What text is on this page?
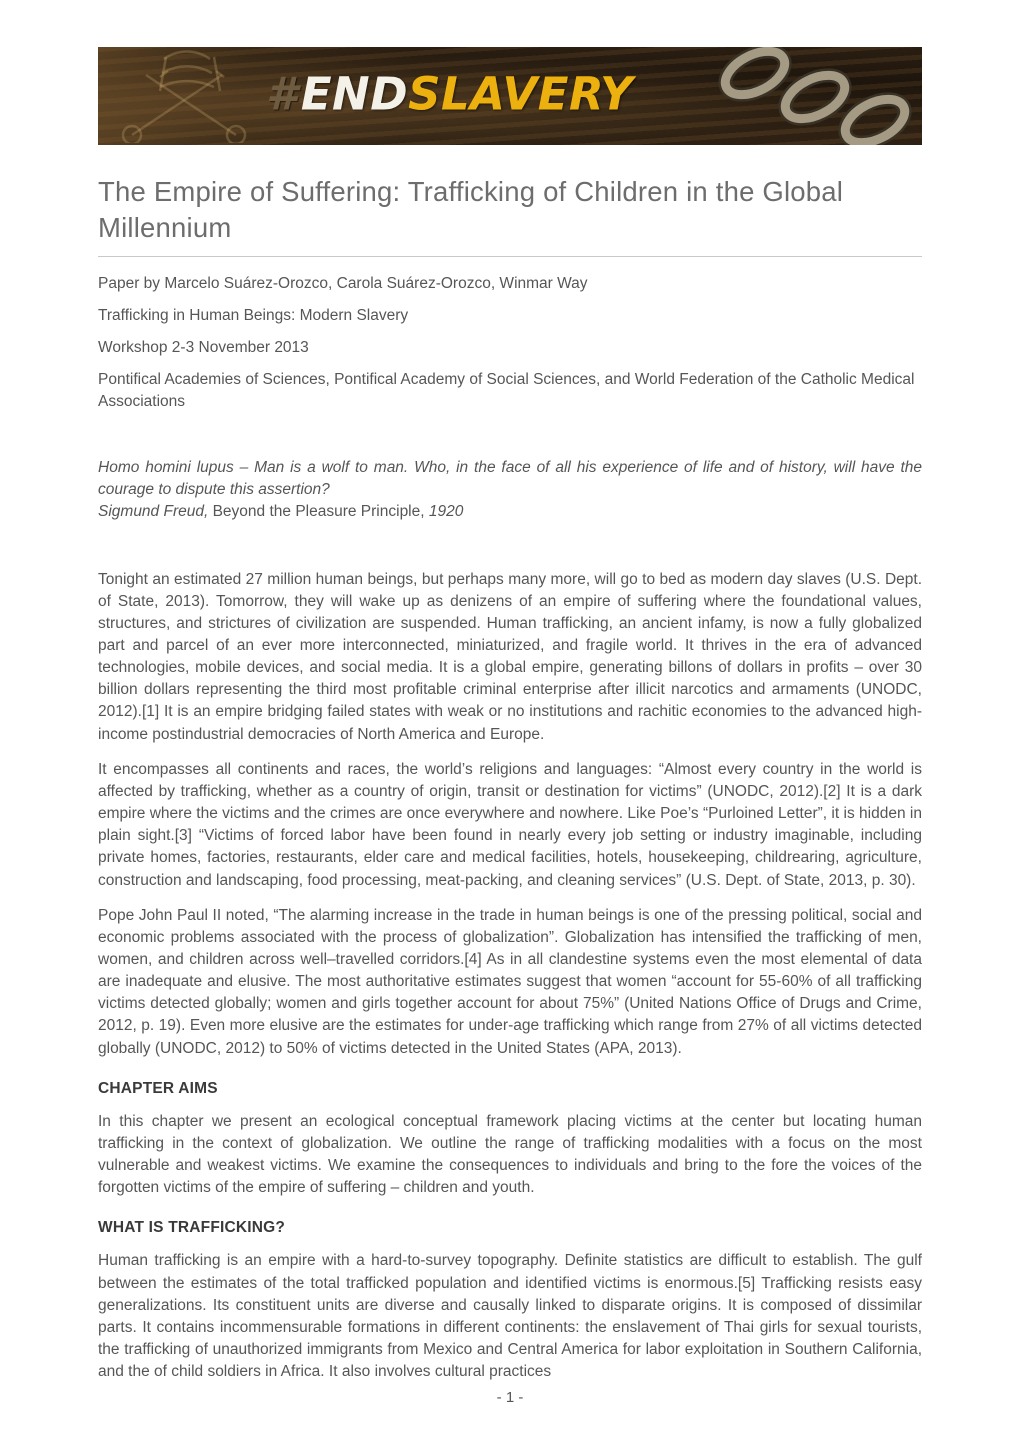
#ENDSLAVERY
The Empire of Suffering: Trafficking of Children in the Global Millennium

Paper by Marcelo Suárez-Orozco, Carola Suárez-Orozco, Winmar Way

Trafficking in Human Beings: Modern Slavery

Workshop 2-3 November 2013

Pontifical Academies of Sciences, Pontifical Academy of Social Sciences, and World Federation of the Catholic Medical Associations

Homo homini lupus – Man is a wolf to man. Who, in the face of all his experience of life and of history, will have the courage to dispute this assertion?

Sigmund Freud, Beyond the Pleasure Principle, 1920

Tonight an estimated 27 million human beings, but perhaps many more, will go to bed as modern day slaves (U.S. Dept. of State, 2013). Tomorrow, they will wake up as denizens of an empire of suffering where the foundational values, structures, and strictures of civilization are suspended. Human trafficking, an ancient infamy, is now a fully globalized part and parcel of an ever more interconnected, miniaturized, and fragile world. It thrives in the era of advanced technologies, mobile devices, and social media. It is a global empire, generating billons of dollars in profits – over 30 billion dollars representing the third most profitable criminal enterprise after illicit narcotics and armaments (UNODC, 2012).[1] It is an empire bridging failed states with weak or no institutions and rachitic economies to the advanced high-income postindustrial democracies of North America and Europe.

It encompasses all continents and races, the world’s religions and languages: “Almost every country in the world is affected by trafficking, whether as a country of origin, transit or destination for victims” (UNODC, 2012).[2] It is a dark empire where the victims and the crimes are once everywhere and nowhere. Like Poe’s “Purloined Letter”, it is hidden in plain sight.[3] “Victims of forced labor have been found in nearly every job setting or industry imaginable, including private homes, factories, restaurants, elder care and medical facilities, hotels, housekeeping, childrearing, agriculture, construction and landscaping, food processing, meat-packing, and cleaning services” (U.S. Dept. of State, 2013, p. 30).

Pope John Paul II noted, “The alarming increase in the trade in human beings is one of the pressing political, social and economic problems associated with the process of globalization”. Globalization has intensified the trafficking of men, women, and children across well–travelled corridors.[4] As in all clandestine systems even the most elemental of data are inadequate and elusive. The most authoritative estimates suggest that women “account for 55-60% of all trafficking victims detected globally; women and girls together account for about 75%” (United Nations Office of Drugs and Crime, 2012, p. 19). Even more elusive are the estimates for under-age trafficking which range from 27% of all victims detected globally (UNODC, 2012) to 50% of victims detected in the United States (APA, 2013).

CHAPTER AIMS

In this chapter we present an ecological conceptual framework placing victims at the center but locating human trafficking in the context of globalization. We outline the range of trafficking modalities with a focus on the most vulnerable and weakest victims. We examine the consequences to individuals and bring to the fore the voices of the forgotten victims of the empire of suffering – children and youth.

WHAT IS TRAFFICKING?

Human trafficking is an empire with a hard-to-survey topography. Definite statistics are difficult to establish. The gulf between the estimates of the total trafficked population and identified victims is enormous.[5] Trafficking resists easy generalizations. Its constituent units are diverse and causally linked to disparate origins. It is composed of dissimilar parts. It contains incommensurable formations in different continents: the enslavement of Thai girls for sexual tourists, the trafficking of unauthorized immigrants from Mexico and Central America for labor exploitation in Southern California, and the of child soldiers in Africa. It also involves cultural practices

- 1 -
